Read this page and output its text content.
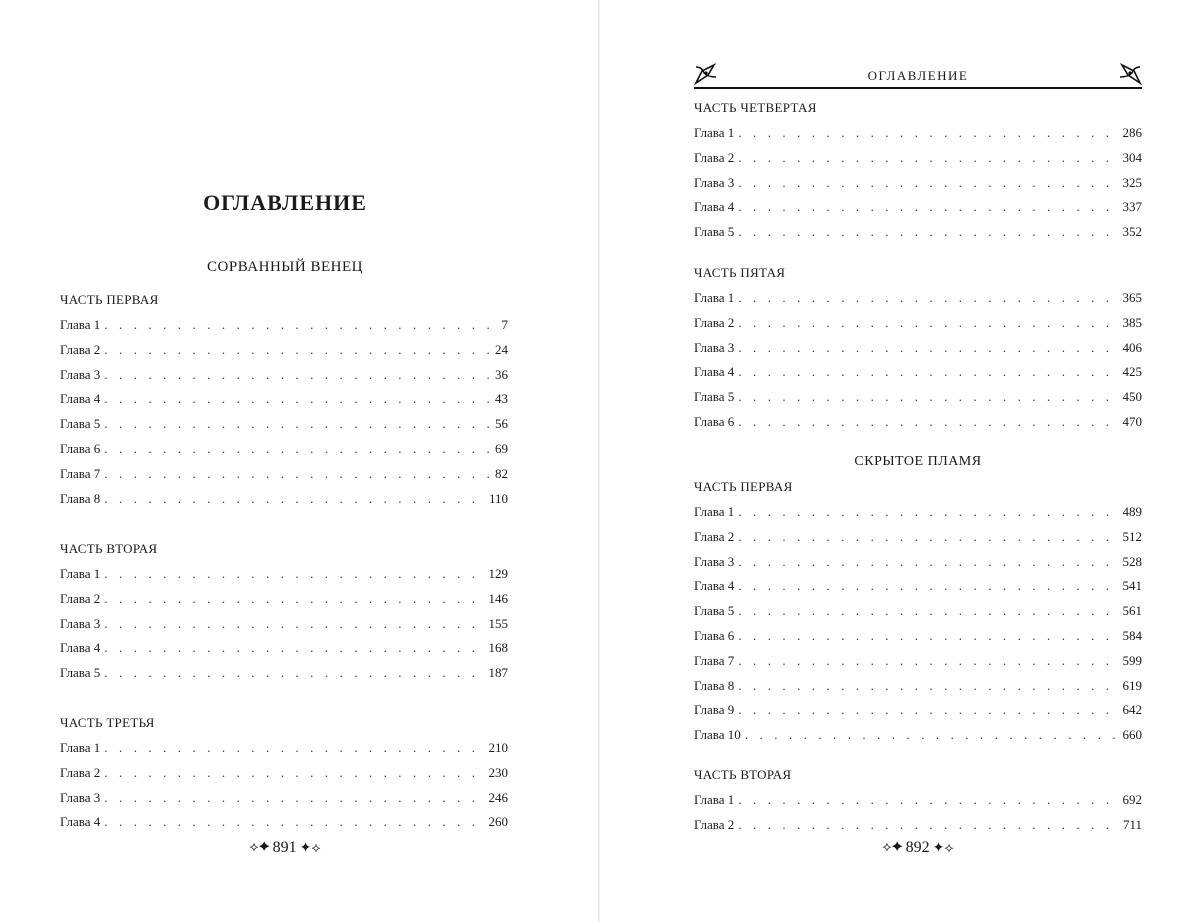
ОГЛАВЛЕНИЕ
СОРВАННЫЙ ВЕНЕЦ
ЧАСТЬ ПЕРВАЯ
Глава 1 . . .	7
Глава 2 . . .	24
Глава 3 . . .	36
Глава 4 . . .	43
Глава 5 . . .	56
Глава 6 . . .	69
Глава 7 . . .	82
Глава 8 . . .	110
ЧАСТЬ ВТОРАЯ
Глава 1 . . .	129
Глава 2 . . .	146
Глава 3 . . .	155
Глава 4 . . .	168
Глава 5 . . .	187
ЧАСТЬ ТРЕТЬЯ
Глава 1 . . .	210
Глава 2 . . .	230
Глава 3 . . .	246
Глава 4 . . .	260
⟡✦ 891 ✦⟡
ОГЛАВЛЕНИЕ
ЧАСТЬ ЧЕТВЕРТАЯ
Глава 1 . . .	286
Глава 2 . . .	304
Глава 3 . . .	325
Глава 4 . . .	337
Глава 5 . . .	352
ЧАСТЬ ПЯТАЯ
Глава 1 . . .	365
Глава 2 . . .	385
Глава 3 . . .	406
Глава 4 . . .	425
Глава 5 . . .	450
Глава 6 . . .	470
СКРЫТОЕ ПЛАМЯ
ЧАСТЬ ПЕРВАЯ
Глава 1 . . .	489
Глава 2 . . .	512
Глава 3 . . .	528
Глава 4 . . .	541
Глава 5 . . .	561
Глава 6 . . .	584
Глава 7 . . .	599
Глава 8 . . .	619
Глава 9 . . .	642
Глава 10 . . .	660
ЧАСТЬ ВТОРАЯ
Глава 1 . . .	692
Глава 2 . . .	711
⟡✦ 892 ✦⟡
